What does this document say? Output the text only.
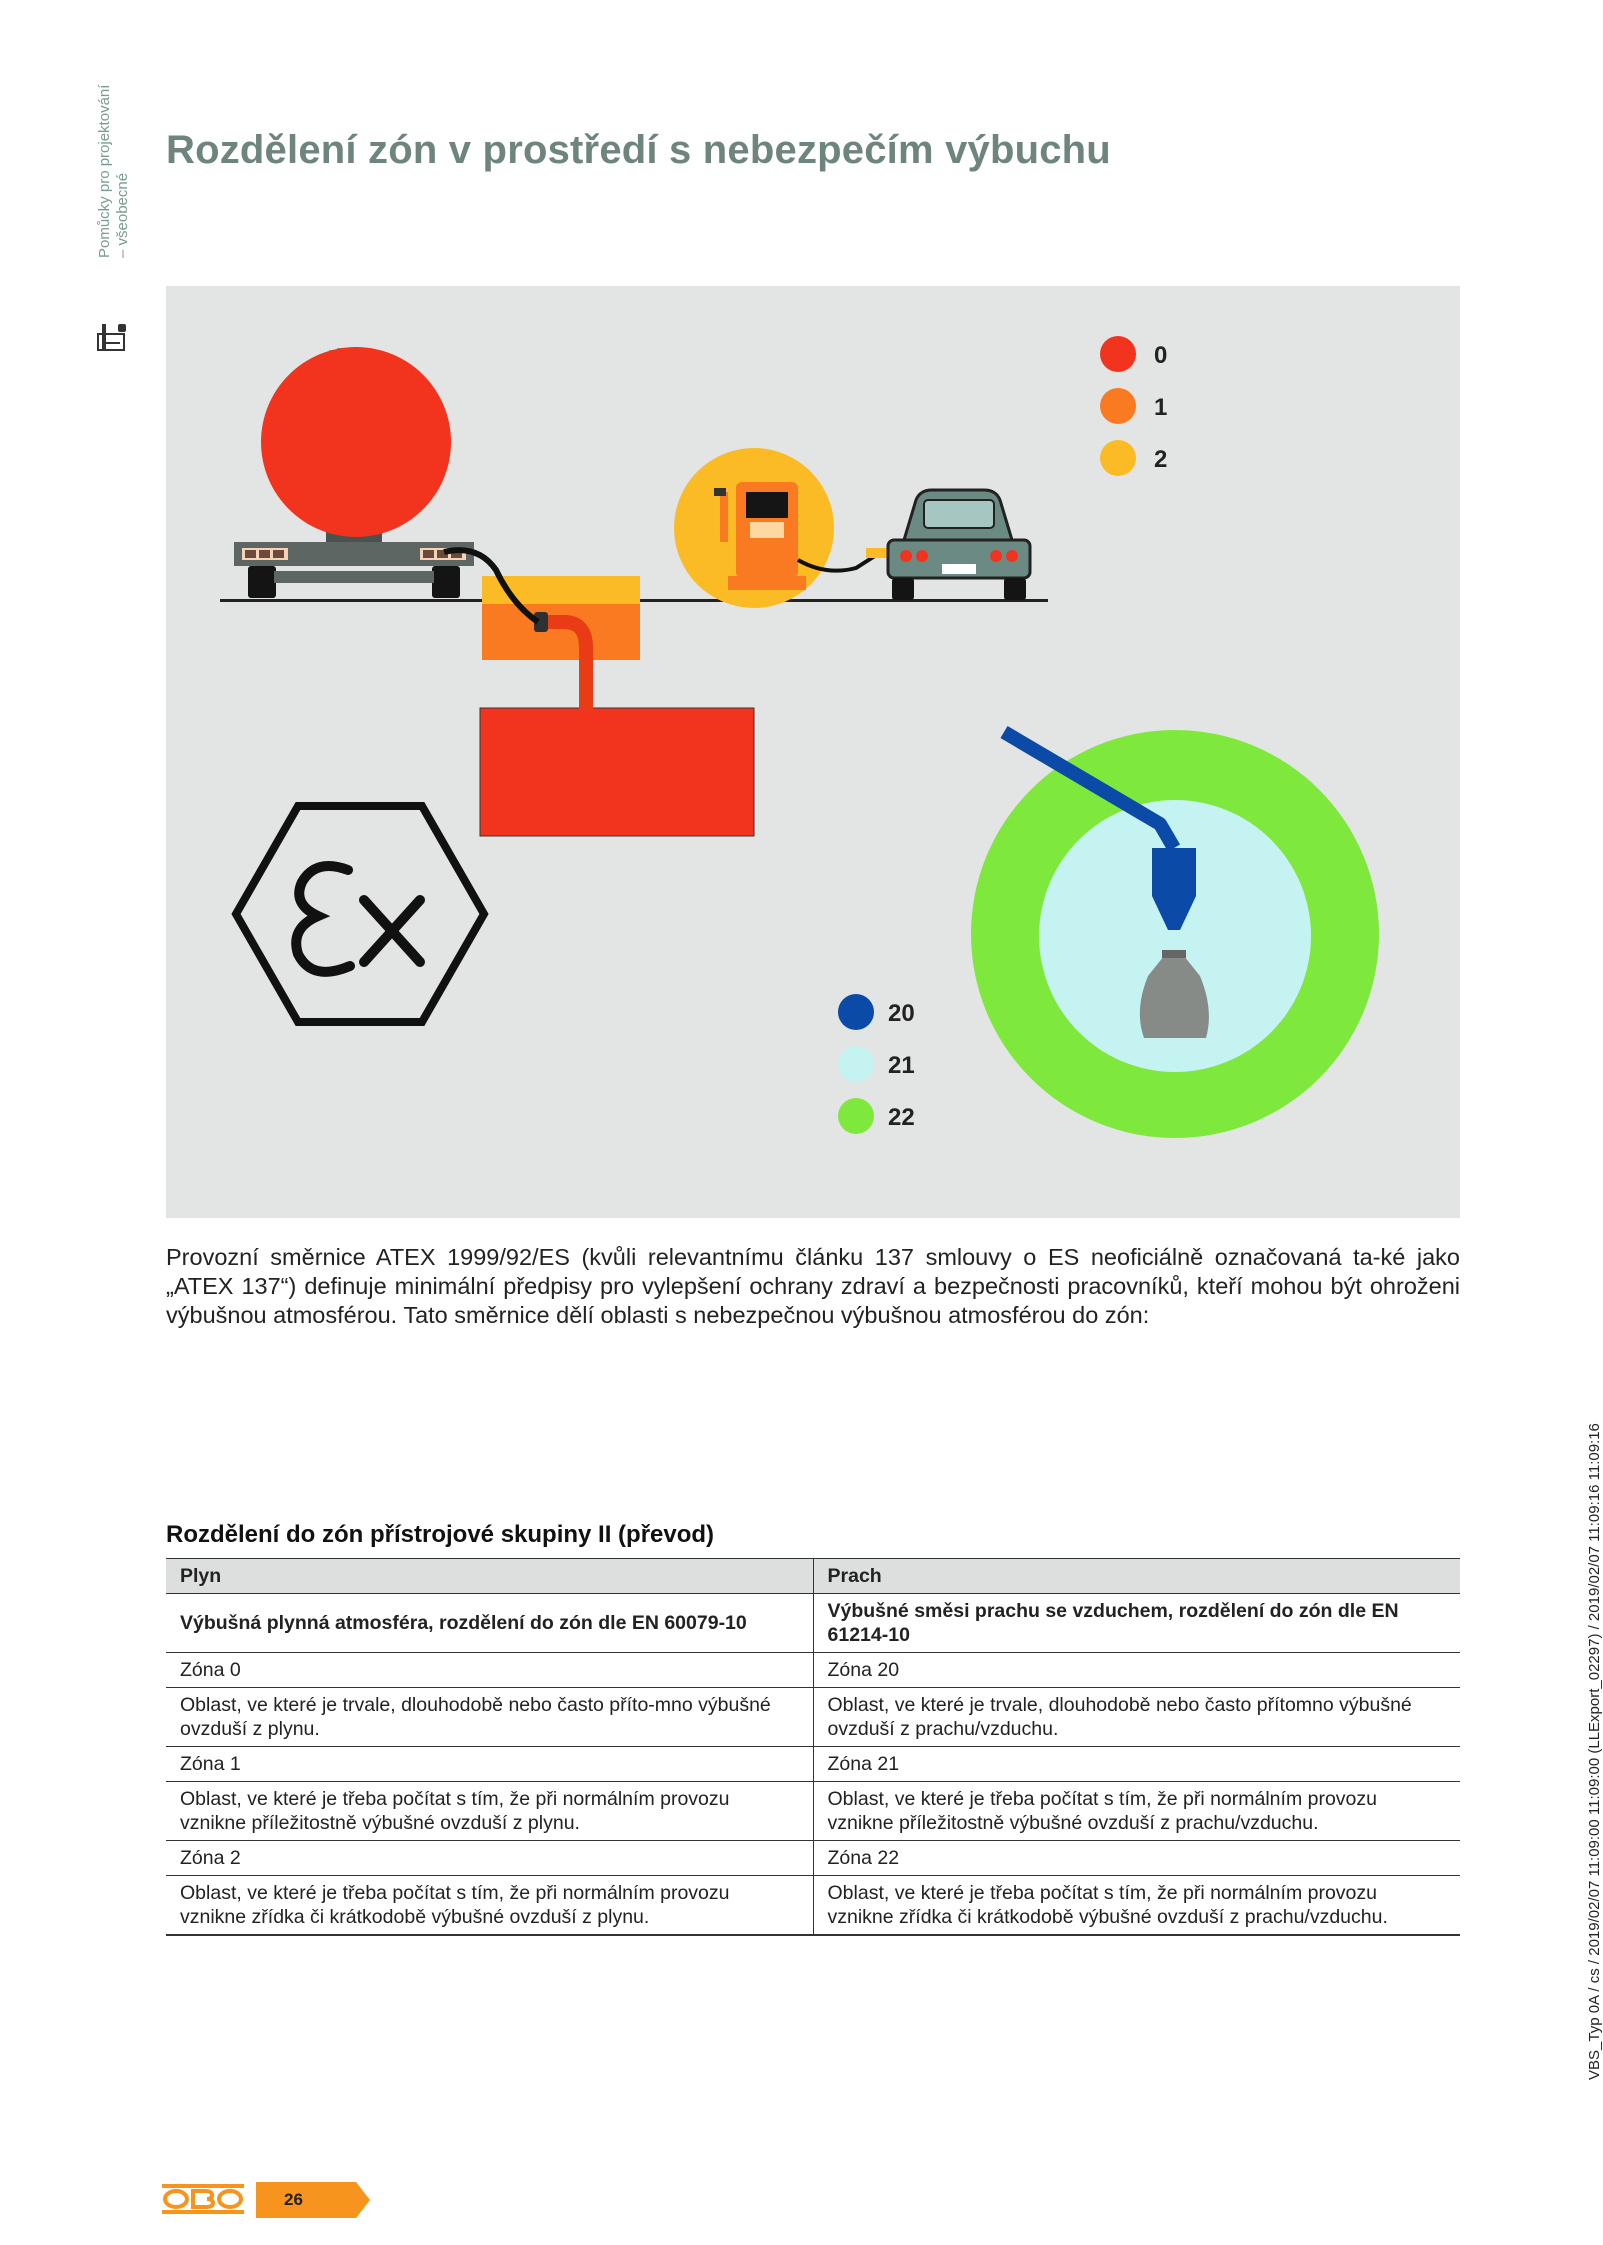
Pomůcky pro projektování – všeobecné
Rozdělení zón v prostředí s nebezpečím výbuchu
0
1
2
20
21
22

Provozní směrnice ATEX 1999/92/ES (kvůli relevantnímu článku 137 smlouvy o ES neoficiálně označovaná ta-ké jako „ATEX 137“) definuje minimální předpisy pro vylepšení ochrany zdraví a bezpečnosti pracovníků, kteří mohou být ohroženi výbušnou atmosférou. Tato směrnice dělí oblasti s nebezpečnou výbušnou atmosférou do zón:

Rozdělení do zón přístrojové skupiny II (převod)
Plyn	Prach
Výbušná plynná atmosféra, rozdělení do zón dle EN 60079-10	Výbušné směsi prachu se vzduchem, rozdělení do zón dle EN 61214-10
Zóna 0	Zóna 20
Oblast, ve které je trvale, dlouhodobě nebo často příto-mno výbušné ovzduší z plynu.	Oblast, ve které je trvale, dlouhodobě nebo často přítomno výbušné ovzduší z prachu/vzduchu.
Zóna 1	Zóna 21
Oblast, ve které je třeba počítat s tím, že při normálním provozu vznikne příležitostně výbušné ovzduší z plynu.	Oblast, ve které je třeba počítat s tím, že při normálním provozu vznikne příležitostně výbušné ovzduší z prachu/vzduchu.
Zóna 2	Zóna 22
Oblast, ve které je třeba počítat s tím, že při normálním provozu vznikne zřídka či krátkodobě výbušné ovzduší z plynu.	Oblast, ve které je třeba počítat s tím, že při normálním provozu vznikne zřídka či krátkodobě výbušné ovzduší z prachu/vzduchu.
26
VBS_Typ 0A / cs / 2019/02/07 11:09:00 11:09:00 (LLExport_02297) / 2019/02/07 11:09:16 11:09:16
